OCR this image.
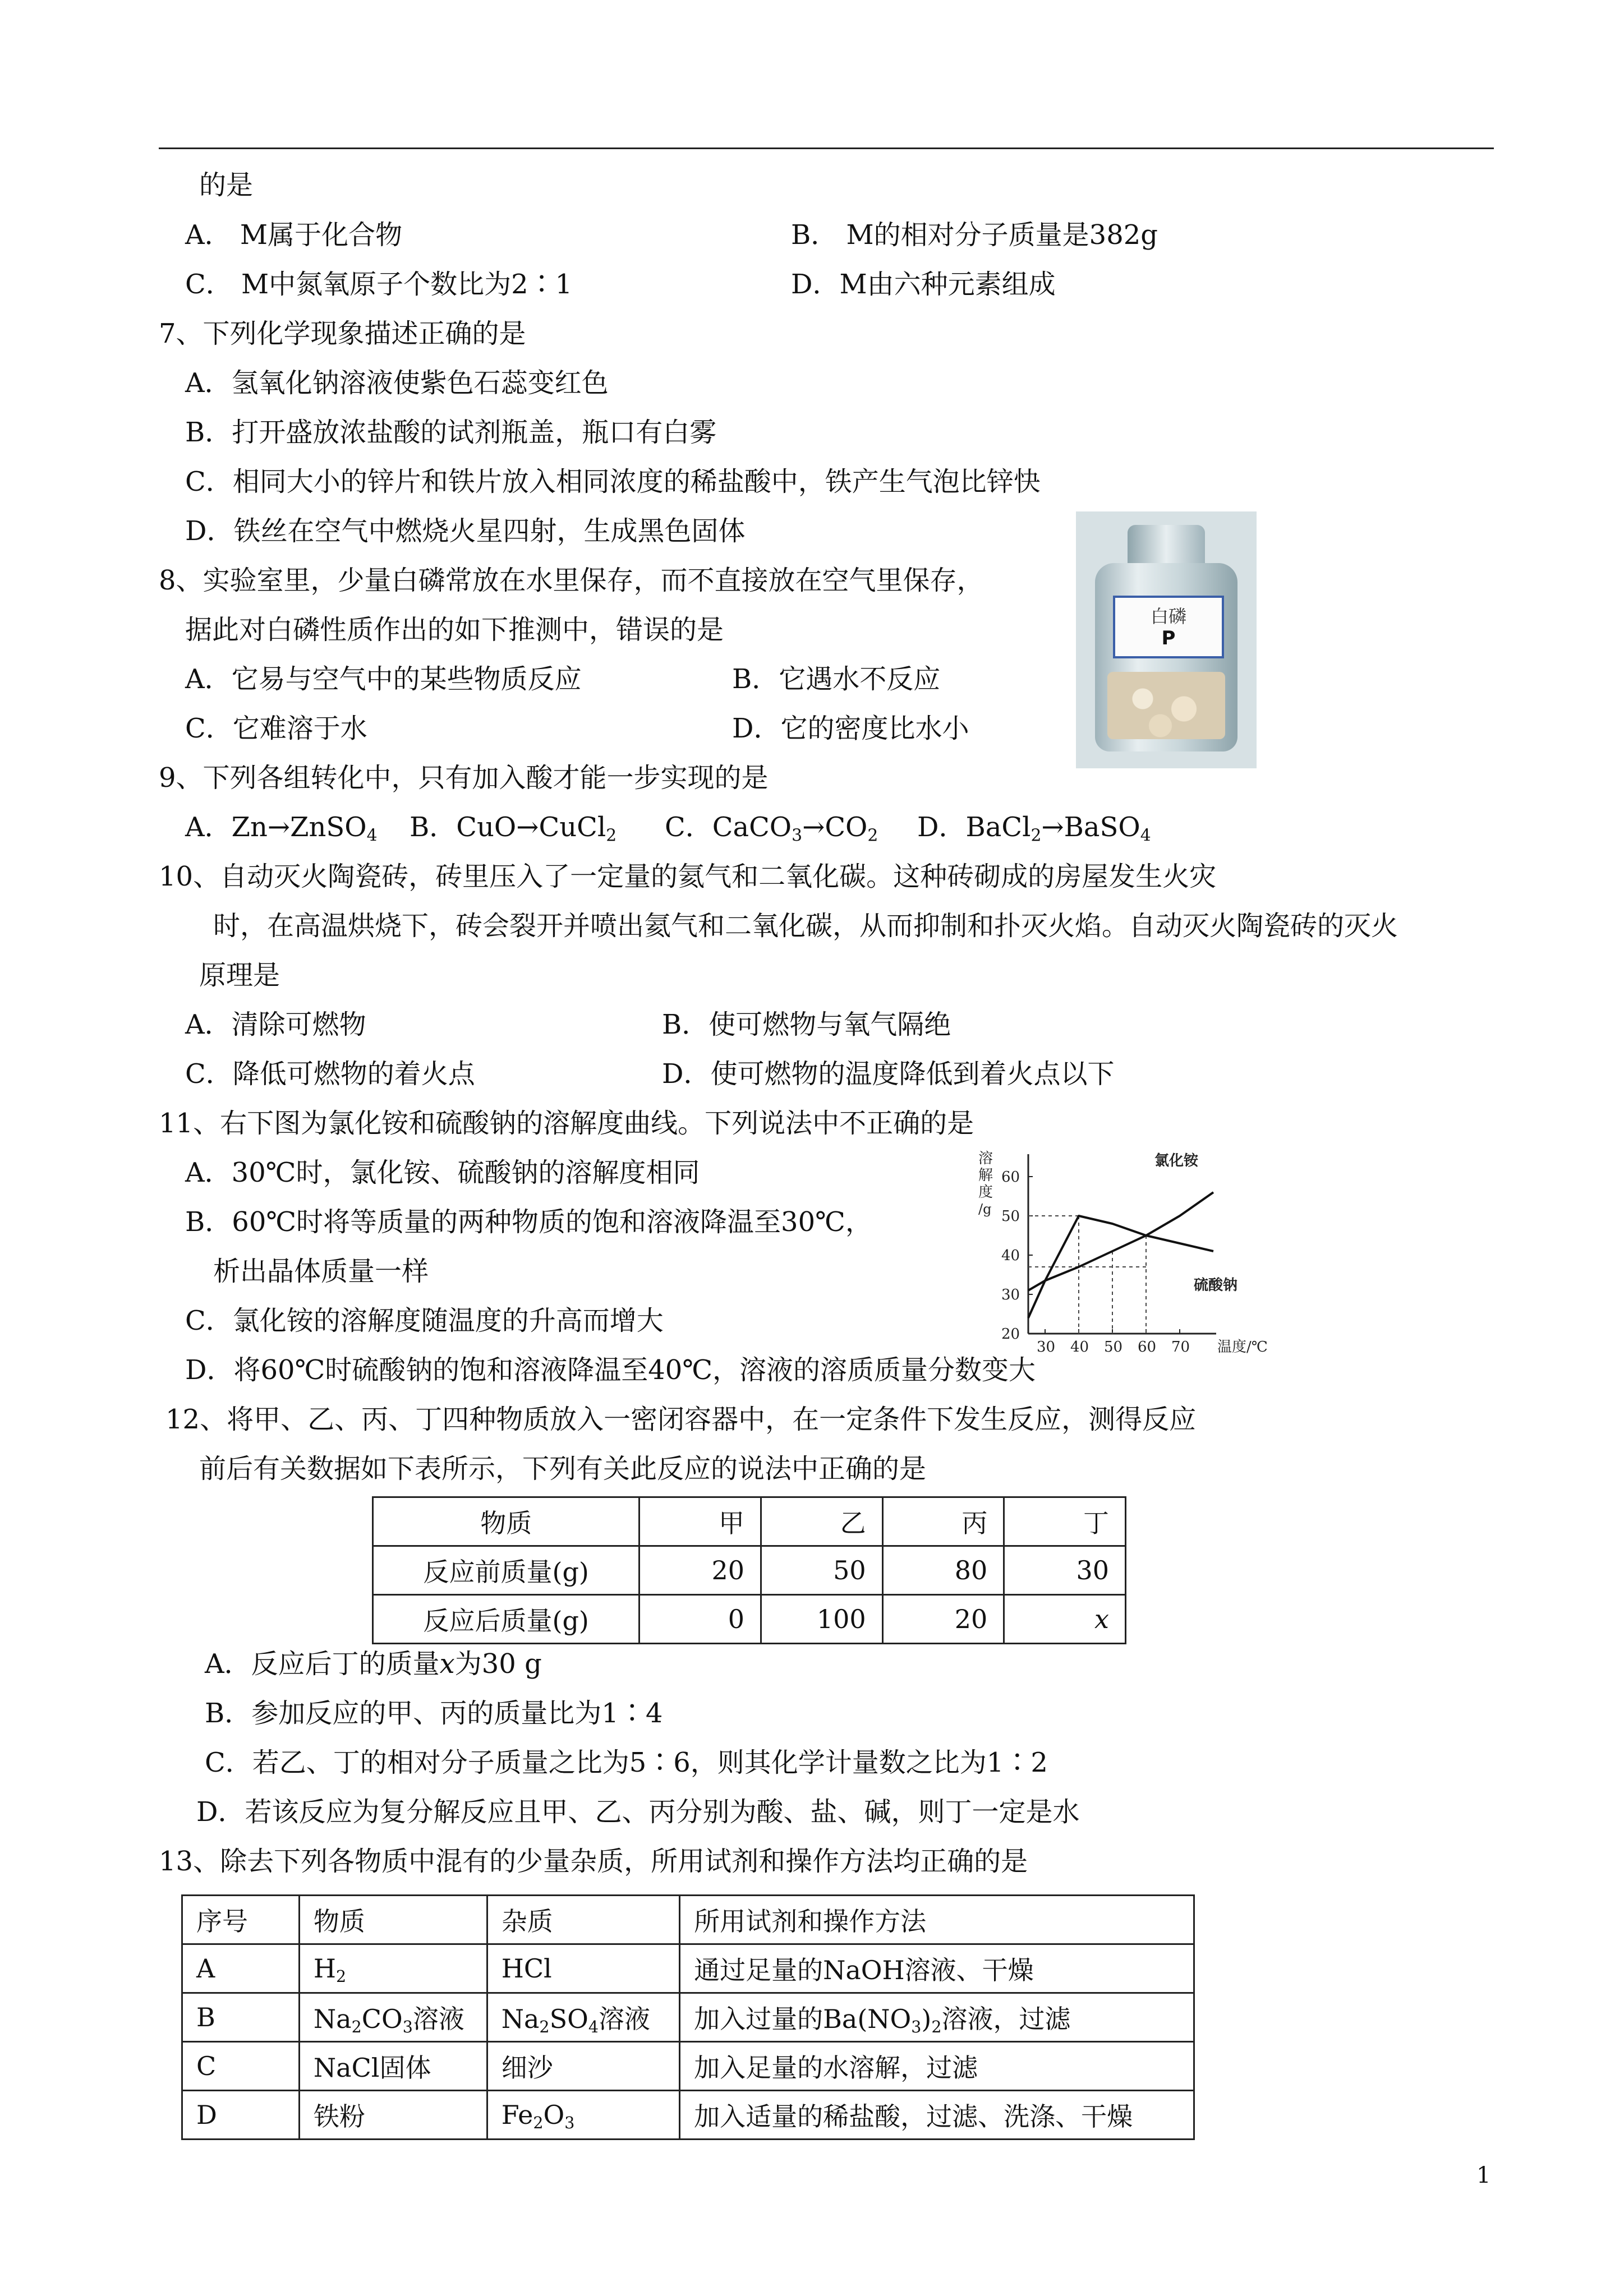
的是
A． M属于化合物	B． M的相对分子质量是382g
C． M中氮氧原子个数比为2∶1	D．M由六种元素组成
7、下列化学现象描述正确的是
A．氢氧化钠溶液使紫色石蕊变红色
B．打开盛放浓盐酸的试剂瓶盖，瓶口有白雾
C．相同大小的锌片和铁片放入相同浓度的稀盐酸中，铁产生气泡比锌快
D．铁丝在空气中燃烧火星四射，生成黑色固体
白磷
P
8、实验室里，少量白磷常放在水里保存，而不直接放在空气里保存，
据此对白磷性质作出的如下推测中，错误的是
A．它易与空气中的某些物质反应	B．它遇水不反应
C．它难溶于水	D．它的密度比水小
9、下列各组转化中，只有加入酸才能一步实现的是
A．Zn→ZnSO$_4$ B．CuO→CuCl$_2$ C．$CaCO_3\to CO_2$ D．BaCl$_2$→BaSO$_4$
10、自动灭火陶瓷砖，砖里压入了一定量的氦气和二氧化碳。这种砖砌成的房屋发生火灾
时，在高温烘烧下，砖会裂开并喷出氦气和二氧化碳，从而抑制和扑灭火焰。自动灭火陶瓷砖的灭火
原理是
A．清除可燃物	B．使可燃物与氧气隔绝
C．降低可燃物的着火点	D．使可燃物的温度降低到着火点以下
11、右下图为氯化铵和硫酸钠的溶解度曲线。下列说法中不正确的是
A．30℃时，氯化铵、硫酸钠的溶解度相同
B．60℃时将等质量的两种物质的饱和溶液降温至30℃，
析出晶体质量一样
C．氯化铵的溶解度随温度的升高而增大
D．将60℃时硫酸钠的饱和溶液降温至40℃，溶液的溶质质量分数变大
溶
解
度
/g
60
50
40
30
20
30 40 50 60 70
氯化铵
硫酸钠
温度/℃
12、将甲、乙、丙、丁四种物质放入一密闭容器中，在一定条件下发生反应，测得反应
前后有关数据如下表所示，下列有关此反应的说法中正确的是
物质	甲	乙	丙	丁
反应前质量(g)	20	50	80	30
反应后质量(g)	0	100	20	x
A．反应后丁的质量x为30 g
B．参加反应的甲、丙的质量比为1∶4
C．若乙、丁的相对分子质量之比为5∶6，则其化学计量数之比为1∶2
D．若该反应为复分解反应且甲、乙、丙分别为酸、盐、碱，则丁一定是水
13、除去下列各物质中混有的少量杂质，所用试剂和操作方法均正确的是
序号	物质	杂质	所用试剂和操作方法
A	$H_2$	HCl	通过足量的NaOH溶液、干燥
B	$Na_2CO_3$溶液	$Na_2SO_4$溶液	加入过量的$Ba(NO_3)_2$溶液，过滤
C	NaCl固体	细沙	加入足量的水溶解，过滤
D	铁粉	$Fe_2O_3$	加入适量的稀盐酸，过滤、洗涤、干燥
1
